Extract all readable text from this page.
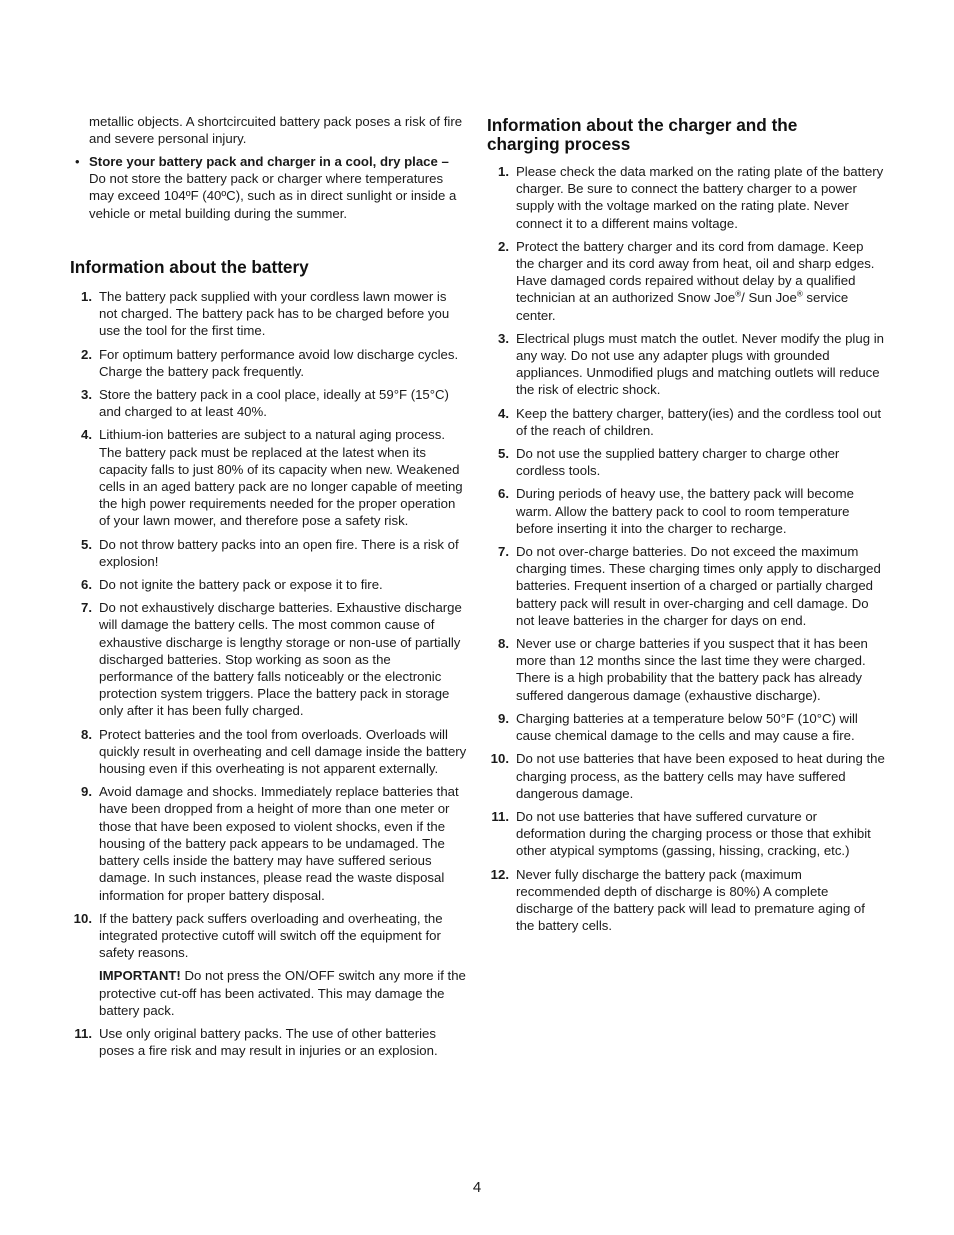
metallic objects. A shortcircuited battery pack poses a risk of fire and severe personal injury.

• Store your battery pack and charger in a cool, dry place – Do not store the battery pack or charger where temperatures may exceed 104ºF (40ºC), such as in direct sunlight or inside a vehicle or metal building during the summer.

Information about the battery
1. The battery pack supplied with your cordless lawn mower is not charged. The battery pack has to be charged before you use the tool for the first time.
2. For optimum battery performance avoid low discharge cycles. Charge the battery pack frequently.
3. Store the battery pack in a cool place, ideally at 59°F (15°C) and charged to at least 40%.
4. Lithium-ion batteries are subject to a natural aging process. The battery pack must be replaced at the latest when its capacity falls to just 80% of its capacity when new. Weakened cells in an aged battery pack are no longer capable of meeting the high power requirements needed for the proper operation of your lawn mower, and therefore pose a safety risk.
5. Do not throw battery packs into an open fire. There is a risk of explosion!
6. Do not ignite the battery pack or expose it to fire.
7. Do not exhaustively discharge batteries. Exhaustive discharge will damage the battery cells. The most common cause of exhaustive discharge is lengthy storage or non-use of partially discharged batteries. Stop working as soon as the performance of the battery falls noticeably or the electronic protection system triggers. Place the battery pack in storage only after it has been fully charged.
8. Protect batteries and the tool from overloads. Overloads will quickly result in overheating and cell damage inside the battery housing even if this overheating is not apparent externally.
9. Avoid damage and shocks. Immediately replace batteries that have been dropped from a height of more than one meter or those that have been exposed to violent shocks, even if the housing of the battery pack appears to be undamaged. The battery cells inside the battery may have suffered serious damage. In such instances, please read the waste disposal information for proper battery disposal.
10. If the battery pack suffers overloading and overheating, the integrated protective cutoff will switch off the equipment for safety reasons.
IMPORTANT! Do not press the ON/OFF switch any more if the protective cut-off has been activated. This may damage the battery pack.
11. Use only original battery packs. The use of other batteries poses a fire risk and may result in injuries or an explosion.
Information about the charger and the charging process
1. Please check the data marked on the rating plate of the battery charger. Be sure to connect the battery charger to a power supply with the voltage marked on the rating plate. Never connect it to a different mains voltage.
2. Protect the battery charger and its cord from damage. Keep the charger and its cord away from heat, oil and sharp edges. Have damaged cords repaired without delay by a qualified technician at an authorized Snow Joe®/ Sun Joe® service center.
3. Electrical plugs must match the outlet. Never modify the plug in any way. Do not use any adapter plugs with grounded appliances. Unmodified plugs and matching outlets will reduce the risk of electric shock.
4. Keep the battery charger, battery(ies) and the cordless tool out of the reach of children.
5. Do not use the supplied battery charger to charge other cordless tools.
6. During periods of heavy use, the battery pack will become warm. Allow the battery pack to cool to room temperature before inserting it into the charger to recharge.
7. Do not over-charge batteries. Do not exceed the maximum charging times. These charging times only apply to discharged batteries. Frequent insertion of a charged or partially charged battery pack will result in over-charging and cell damage. Do not leave batteries in the charger for days on end.
8. Never use or charge batteries if you suspect that it has been more than 12 months since the last time they were charged. There is a high probability that the battery pack has already suffered dangerous damage (exhaustive discharge).
9. Charging batteries at a temperature below 50°F (10°C) will cause chemical damage to the cells and may cause a fire.
10. Do not use batteries that have been exposed to heat during the charging process, as the battery cells may have suffered dangerous damage.
11. Do not use batteries that have suffered curvature or deformation during the charging process or those that exhibit other atypical symptoms (gassing, hissing, cracking, etc.)
12. Never fully discharge the battery pack (maximum recommended depth of discharge is 80%) A complete discharge of the battery pack will lead to premature aging of the battery cells.
4
